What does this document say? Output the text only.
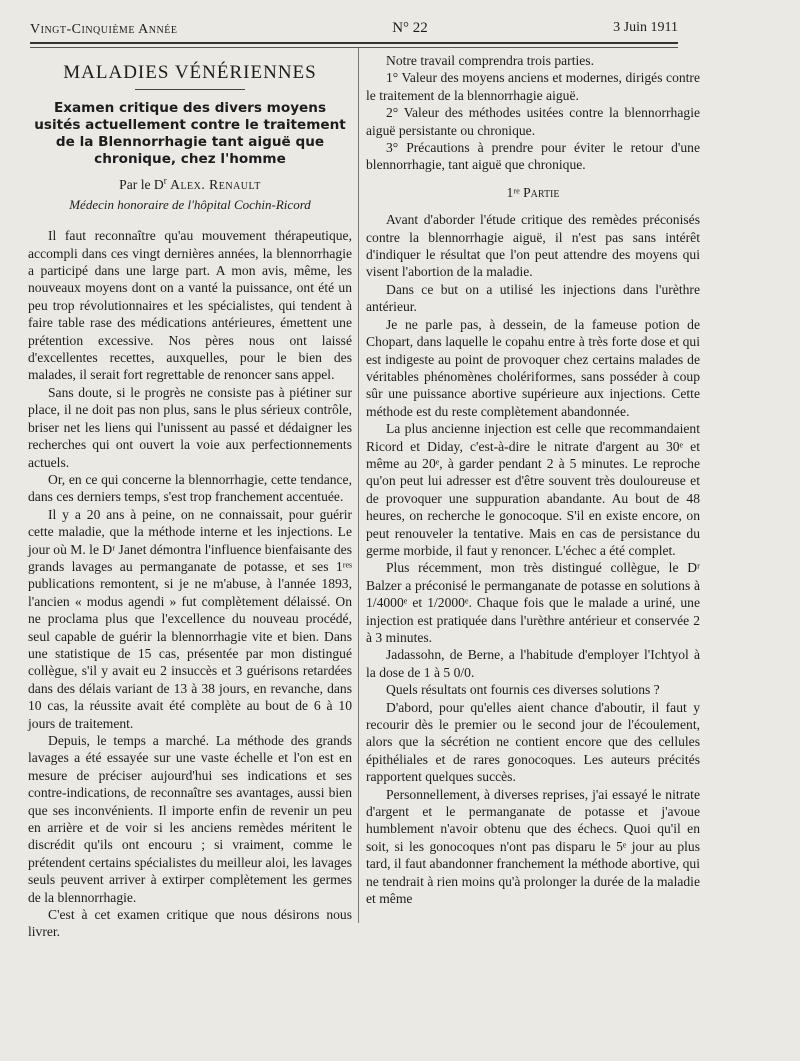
Vingt-Cinquième Année	N° 22	3 Juin 1911
MALADIES VÉNÉRIENNES
Examen critique des divers moyens usités actuellement contre le traitement de la Blennorrhagie tant aiguë que chronique, chez l'homme
Par le $D^r$ Alex. Renault
Médecin honoraire de l'hôpital Cochin-Ricord

Il faut reconnaître qu'au mouvement thérapeutique, accompli dans ces vingt dernières années, la blennorrhagie a participé dans une large part. A mon avis, même, les nouveaux moyens dont on a vanté la puissance, ont été un peu trop révolutionnaires et les spécialistes, qui tendent à faire table rase des médications antérieures, émettent une prétention excessive. Nos pères nous ont laissé d'excellentes recettes, auxquelles, pour le bien des malades, il serait fort regrettable de renoncer sans appel.

Sans doute, si le progrès ne consiste pas à piétiner sur place, il ne doit pas non plus, sans le plus sérieux contrôle, briser net les liens qui l'unissent au passé et dédaigner les recherches qui ont ouvert la voie aux perfectionnements actuels.

Or, en ce qui concerne la blennorrhagie, cette tendance, dans ces derniers temps, s'est trop franchement accentuée.

Il y a 20 ans à peine, on ne connaissait, pour guérir cette maladie, que la méthode interne et les injections. Le jour où M. le Dʳ Janet démontra l'influence bienfaisante des grands lavages au permanganate de potasse, et ses 1ʳᵉˢ publications remontent, si je ne m'abuse, à l'année 1893, l'ancien « modus agendi » fut complètement délaissé. On ne proclama plus que l'excellence du nouveau procédé, seul capable de guérir la blennorrhagie vite et bien. Dans une statistique de 15 cas, présentée par mon distingué collègue, s'il y avait eu 2 insuccès et 3 guérisons retardées dans des délais variant de 13 à 38 jours, en revanche, dans 10 cas, la réussite avait été complète au bout de 6 à 10 jours de traitement.

Depuis, le temps a marché. La méthode des grands lavages a été essayée sur une vaste échelle et l'on est en mesure de préciser aujourd'hui ses indications et ses contre-indications, de reconnaître ses avantages, aussi bien que ses inconvénients. Il importe enfin de revenir un peu en arrière et de voir si les anciens remèdes méritent le discrédit qu'ils ont encouru ; si vraiment, comme le prétendent certains spécialistes du meilleur aloi, les lavages seuls peuvent arriver à extirper complètement les germes de la blennorrhagie.

C'est à cet examen critique que nous désirons nous livrer.

Notre travail comprendra trois parties.

1° Valeur des moyens anciens et modernes, dirigés contre le traitement de la blennorrhagie aiguë.

2° Valeur des méthodes usitées contre la blennorrhagie aiguë persistante ou chronique.

3° Précautions à prendre pour éviter le retour d'une blennorrhagie, tant aiguë que chronique.

1ʳᵉ Partie

Avant d'aborder l'étude critique des remèdes préconisés contre la blennorrhagie aiguë, il n'est pas sans intérêt d'indiquer le résultat que l'on peut attendre des moyens qui visent l'abortion de la maladie.

Dans ce but on a utilisé les injections dans l'urèthre antérieur.

Je ne parle pas, à dessein, de la fameuse potion de Chopart, dans laquelle le copahu entre à très forte dose et qui est indigeste au point de provoquer chez certains malades de véritables phénomènes cholériformes, sans posséder à coup sûr une puissance abortive supérieure aux injections. Cette méthode est du reste complètement abandonnée.

La plus ancienne injection est celle que recommandaient Ricord et Diday, c'est-à-dire le nitrate d'argent au 30ᵉ et même au 20ᵉ, à garder pendant 2 à 5 minutes. Le reproche qu'on peut lui adresser est d'être souvent très douloureuse et de provoquer une suppuration abandante. Au bout de 48 heures, on recherche le gonocoque. S'il en existe encore, on peut renouveler la tentative. Mais en cas de persistance du germe morbide, il faut y renoncer. L'échec a été complet.

Plus récemment, mon très distingué collègue, le Dʳ Balzer a préconisé le permanganate de potasse en solutions à 1/4000ᵉ et 1/2000ᵉ. Chaque fois que le malade a uriné, une injection est pratiquée dans l'urèthre antérieur et conservée 2 à 3 minutes.

Jadassohn, de Berne, a l'habitude d'employer l'Ichtyol à la dose de 1 à 5 0/0.

Quels résultats ont fournis ces diverses solutions ?

D'abord, pour qu'elles aient chance d'aboutir, il faut y recourir dès le premier ou le second jour de l'écoulement, alors que la sécrétion ne contient encore que des cellules épithéliales et de rares gonocoques. Les auteurs précités rapportent quelques succès.

Personnellement, à diverses reprises, j'ai essayé le nitrate d'argent et le permanganate de potasse et j'avoue humblement n'avoir obtenu que des échecs. Quoi qu'il en soit, si les gonocoques n'ont pas disparu le 5ᵉ jour au plus tard, il faut abandonner franchement la méthode abortive, qui ne tendrait à rien moins qu'à prolonger la durée de la maladie et même
